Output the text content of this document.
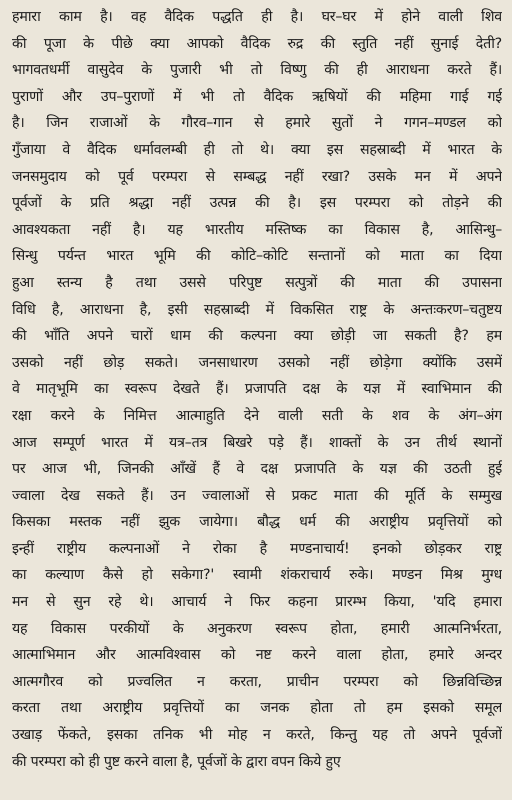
हमारा काम है। वह वैदिक पद्धति ही है। घर–घर में होने वाली शिव
की पूजा के पीछे क्या आपको वैदिक रुद्र की स्तुति नहीं सुनाई देती?
भागवतधर्मी वासुदेव के पुजारी भी तो विष्णु की ही आराधना करते हैं।
पुराणों और उप–पुराणों में भी तो वैदिक ऋषियों की महिमा गाई गई
है। जिन राजाओं के गौरव–गान से हमारे सुतों ने गगन–मण्डल को
गुँजाया वे वैदिक धर्मावलम्बी ही तो थे। क्या इस सहस्राब्दी में भारत के
जनसमुदाय को पूर्व परम्परा से सम्बद्ध नहीं रखा? उसके मन में अपने
पूर्वजों के प्रति श्रद्धा नहीं उत्पन्न की है। इस परम्परा को तोड़ने की
आवश्यकता नहीं है। यह भारतीय मस्तिष्क का विकास है, आसिन्धु–
सिन्धु पर्यन्त भारत भूमि की कोटि–कोटि सन्तानों को माता का दिया
हुआ स्तन्य है तथा उससे परिपुष्ट सत्पुत्रों की माता की उपासना
विधि है, आराधना है, इसी सहस्राब्दी में विकसित राष्ट्र के अन्तःकरण–चतुष्टय
की भाँति अपने चारों धाम की कल्पना क्या छोड़ी जा सकती है? हम
उसको नहीं छोड़ सकते। जनसाधारण उसको नहीं छोड़ेगा क्योंकि उसमें
वे मातृभूमि का स्वरूप देखते हैं। प्रजापति दक्ष के यज्ञ में स्वाभिमान की
रक्षा करने के निमित्त आत्माहुति देने वाली सती के शव के अंग–अंग
आज सम्पूर्ण भारत में यत्र–तत्र बिखरे पड़े हैं। शाक्तों के उन तीर्थ स्थानों
पर आज भी, जिनकी आँखें हैं वे दक्ष प्रजापति के यज्ञ की उठती हुई
ज्वाला देख सकते हैं। उन ज्वालाओं से प्रकट माता की मूर्ति के सम्मुख
किसका मस्तक नहीं झुक जायेगा। बौद्ध धर्म की अराष्ट्रीय प्रवृत्तियों को
इन्हीं राष्ट्रीय कल्पनाओं ने रोका है मण्डनाचार्य! इनको छोड़कर राष्ट्र
का कल्याण कैसे हो सकेगा?' स्वामी शंकराचार्य रुके। मण्डन मिश्र मुग्ध
मन से सुन रहे थे। आचार्य ने फिर कहना प्रारम्भ किया, 'यदि हमारा
यह विकास परकीयों के अनुकरण स्वरूप होता, हमारी आत्मनिर्भरता,
आत्माभिमान और आत्मविश्वास को नष्ट करने वाला होता, हमारे अन्दर
आत्मगौरव को प्रज्वलित न करता, प्राचीन परम्परा को छिन्नविच्छिन्न
करता तथा अराष्ट्रीय प्रवृत्तियों का जनक होता तो हम इसको समूल
उखाड़ फेंकते, इसका तनिक भी मोह न करते, किन्तु यह तो अपने पूर्वजों
की परम्परा को ही पुष्ट करने वाला है, पूर्वजों के द्वारा वपन किये हुए
